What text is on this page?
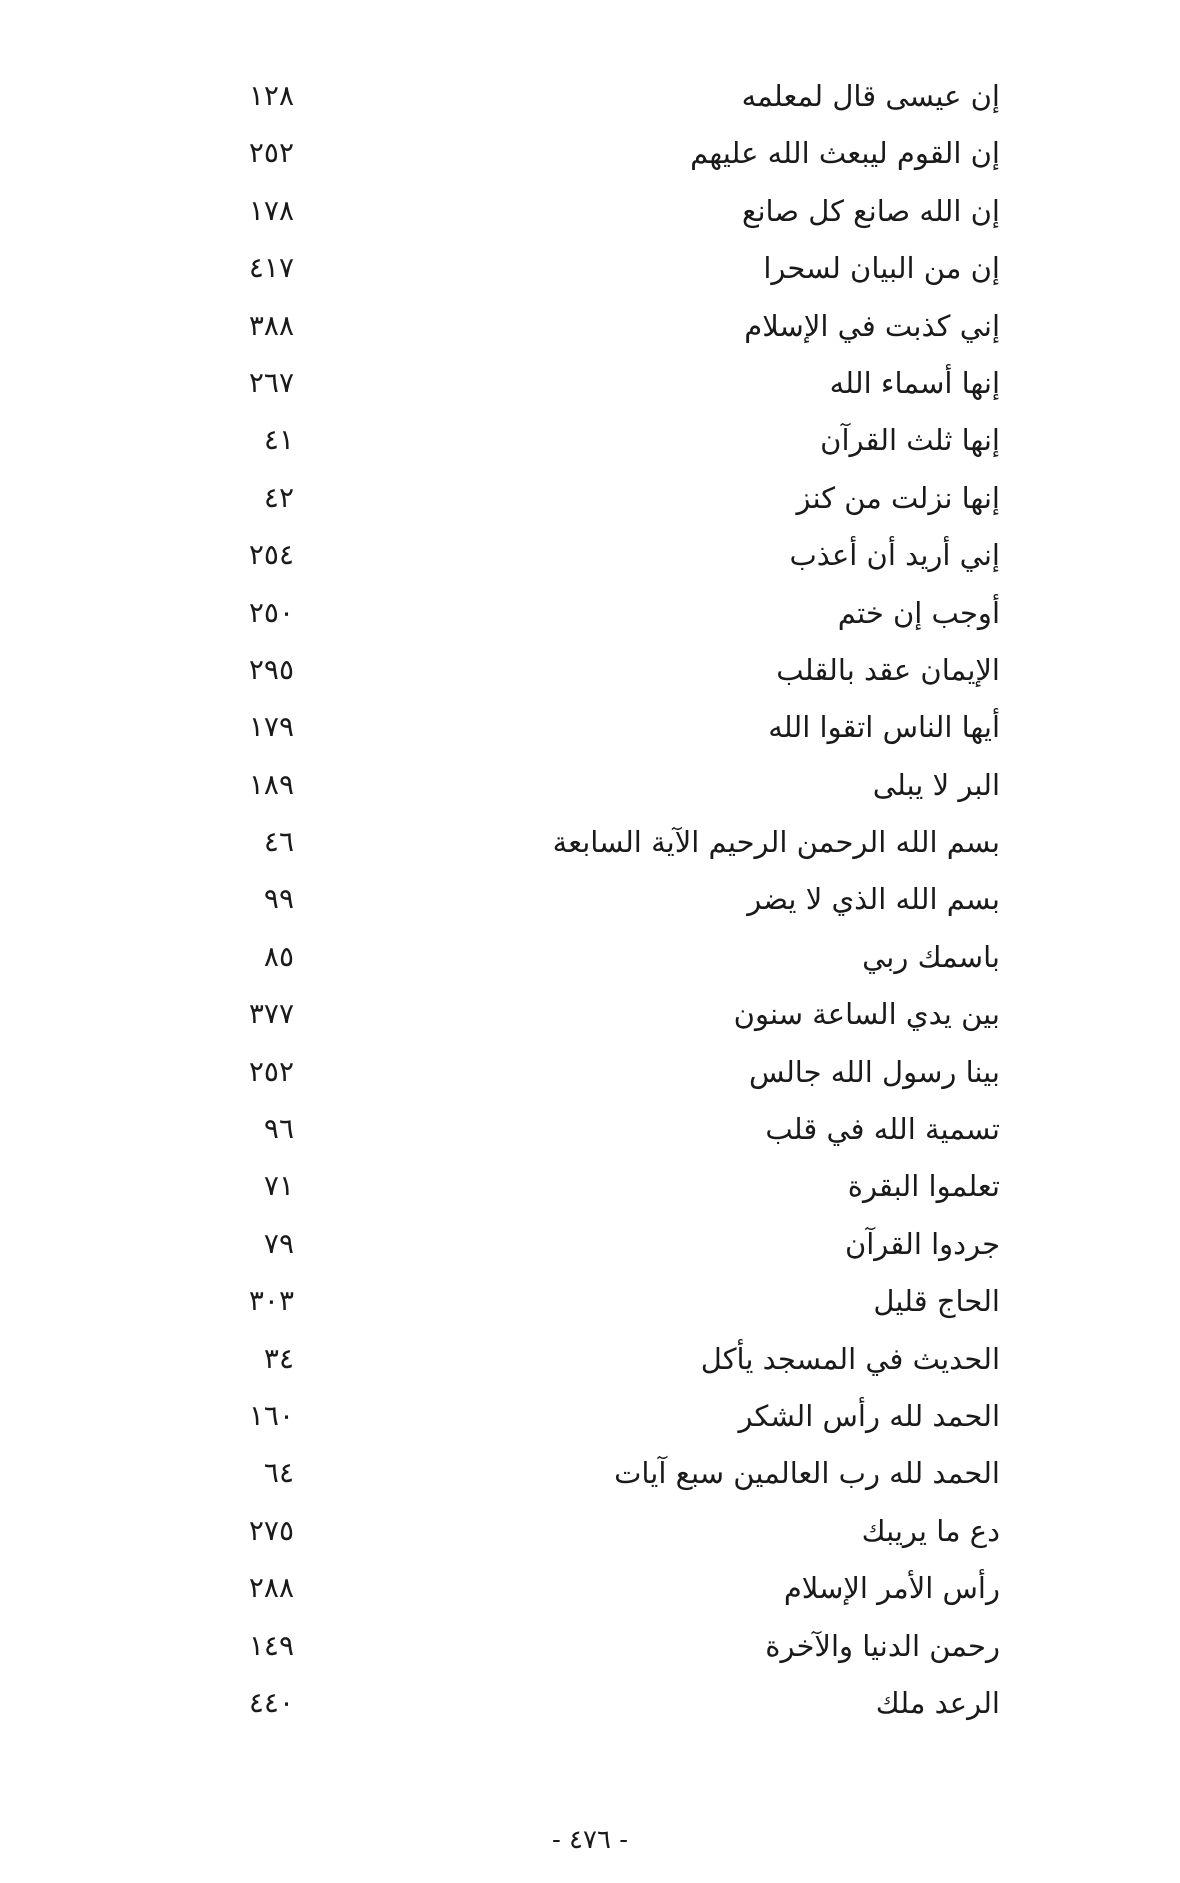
إن عيسى قال لمعلمه
١٢٨
إن القوم ليبعث الله عليهم
٢٥٢
إن الله صانع كل صانع
١٧٨
إن من البيان لسحرا
٤١٧
إني كذبت في الإسلام
٣٨٨
إنها أسماء الله
٢٦٧
إنها ثلث القرآن
٤١
إنها نزلت من كنز
٤٢
إني أريد أن أعذب
٢٥٤
أوجب إن ختم
٢٥٠
الإيمان عقد بالقلب
٢٩٥
أيها الناس اتقوا الله
١٧٩
البر لا يبلى
١٨٩
بسم الله الرحمن الرحيم الآية السابعة
٤٦
بسم الله الذي لا يضر
٩٩
باسمك ربي
٨٥
بين يدي الساعة سنون
٣٧٧
بينا رسول الله جالس
٢٥٢
تسمية الله في قلب
٩٦
تعلموا البقرة
٧١
جردوا القرآن
٧٩
الحاج قليل
٣٠٣
الحديث في المسجد يأكل
٣٤
الحمد لله رأس الشكر
١٦٠
الحمد لله رب العالمين سبع آيات
٦٤
دع ما يريبك
٢٧٥
رأس الأمر الإسلام
٢٨٨
رحمن الدنيا والآخرة
١٤٩
الرعد ملك
٤٤٠
- ٤٧٦ -
